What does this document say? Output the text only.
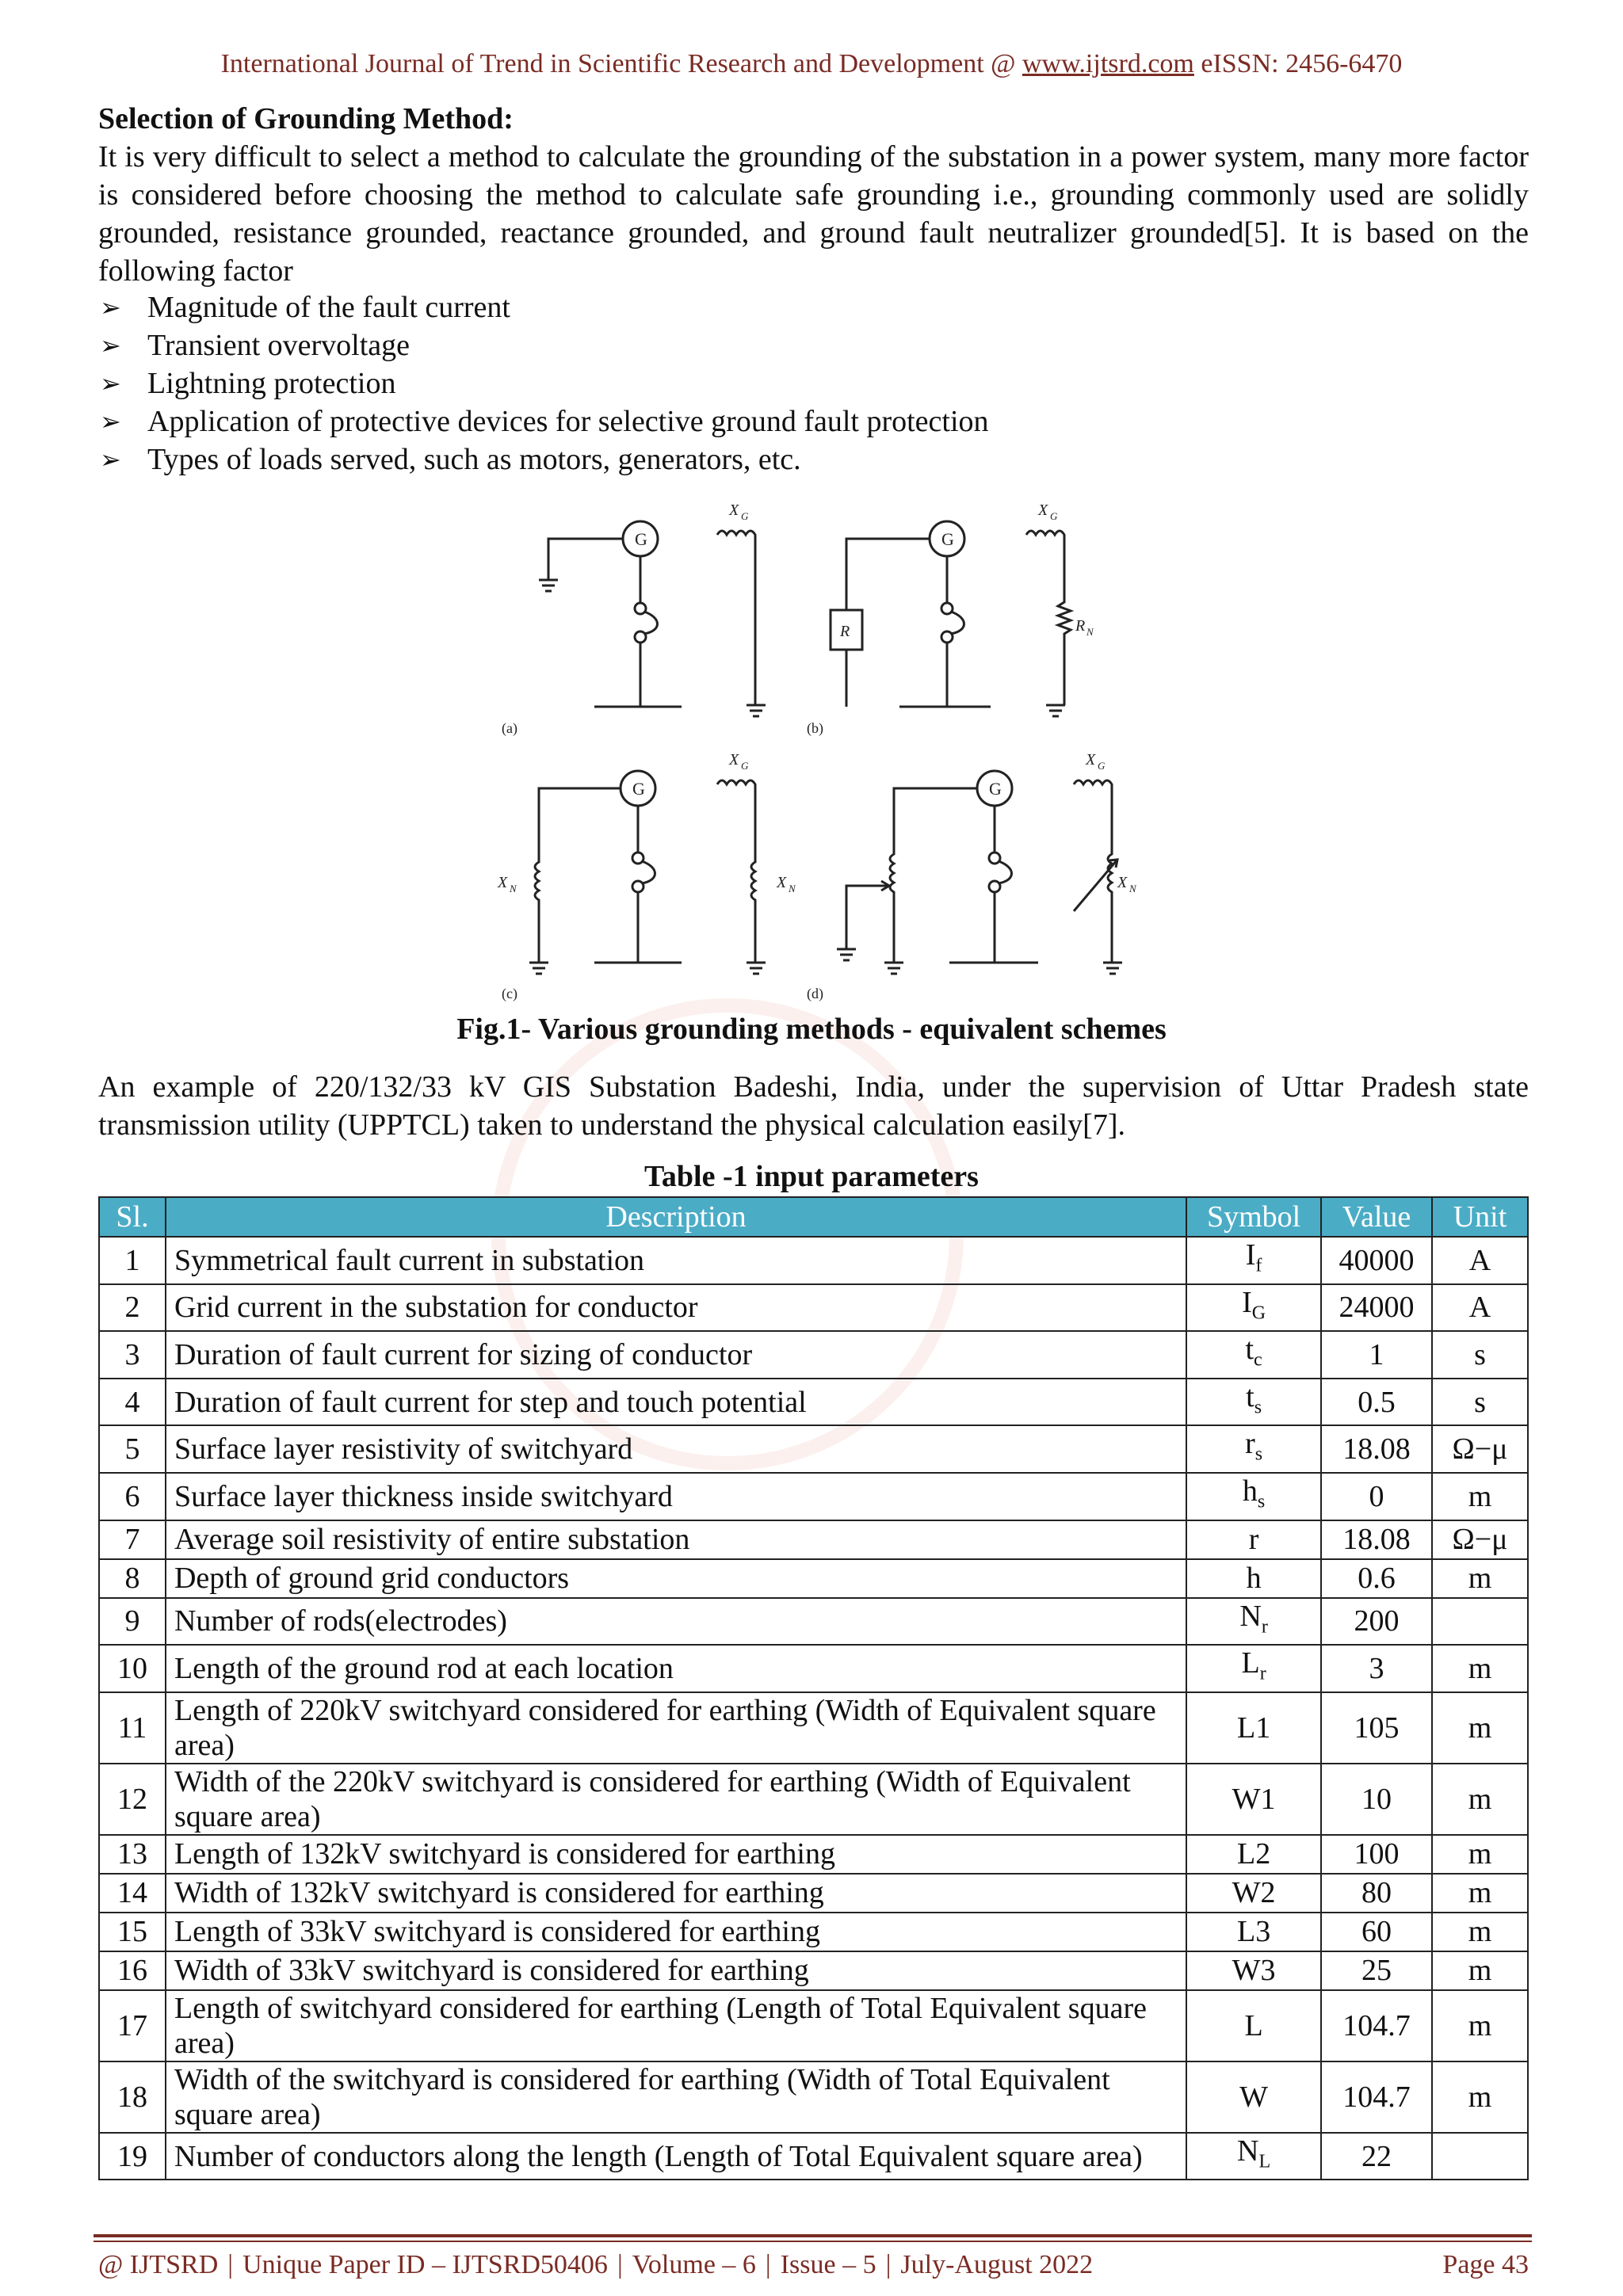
International Journal of Trend in Scientific Research and Development @ www.ijtsrd.com eISSN: 2456-6470
Selection of Grounding Method:
It is very difficult to select a method to calculate the grounding of the substation in a power system, many more factor is considered before choosing the method to calculate safe grounding i.e., grounding commonly used are solidly grounded, resistance grounded, reactance grounded, and ground fault neutralizer grounded[5]. It is based on the following factor
➢ Magnitude of the fault current
➢ Transient overvoltage
➢ Lightning protection
➢ Application of protective devices for selective ground fault protection
➢ Types of loads served, such as motors, generators, etc.
G
X G
(a)
G
R
X G
R N
(b)
G
X G
X N	X N
(c)
G
X G
X N
(d)
Fig.1- Various grounding methods - equivalent schemes
An example of 220/132/33 kV GIS Substation Badeshi, India, under the supervision of Uttar Pradesh state transmission utility (UPPTCL) taken to understand the physical calculation easily[7].
Table -1 input parameters
Sl.	Description	Symbol	Value	Unit
1	Symmetrical fault current in substation	$I_f$	40000	A
2	Grid current in the substation for conductor	$I_G$	24000	A
3	Duration of fault current for sizing of conductor	$t_c$	1	s
4	Duration of fault current for step and touch potential	$t_s$	0.5	s
5	Surface layer resistivity of switchyard	$r_s$	18.08	Ω−μ
6	Surface layer thickness inside switchyard	$h_s$	0	m
7	Average soil resistivity of entire substation	r	18.08	Ω−μ
8	Depth of ground grid conductors	h	0.6	m
9	Number of rods(electrodes)	$N_r$	200	
10	Length of the ground rod at each location	$L_r$	3	m
11	Length of 220kV switchyard considered for earthing (Width of Equivalent square area)	L1	105	m
12	Width of the 220kV switchyard is considered for earthing (Width of Equivalent square area)	W1	10	m
13	Length of 132kV switchyard is considered for earthing	L2	100	m
14	Width of 132kV switchyard is considered for earthing	W2	80	m
15	Length of 33kV switchyard is considered for earthing	L3	60	m
16	Width of 33kV switchyard is considered for earthing	W3	25	m
17	Length of switchyard considered for earthing (Length of Total Equivalent square area)	L	104.7	m
18	Width of the switchyard is considered for earthing (Width of Total Equivalent square area)	W	104.7	m
19	Number of conductors along the length (Length of Total Equivalent square area)	$N_L$	22	
@ IJTSRD | Unique Paper ID – IJTSRD50406 | Volume – 6 | Issue – 5 | July-August 2022	Page 43
